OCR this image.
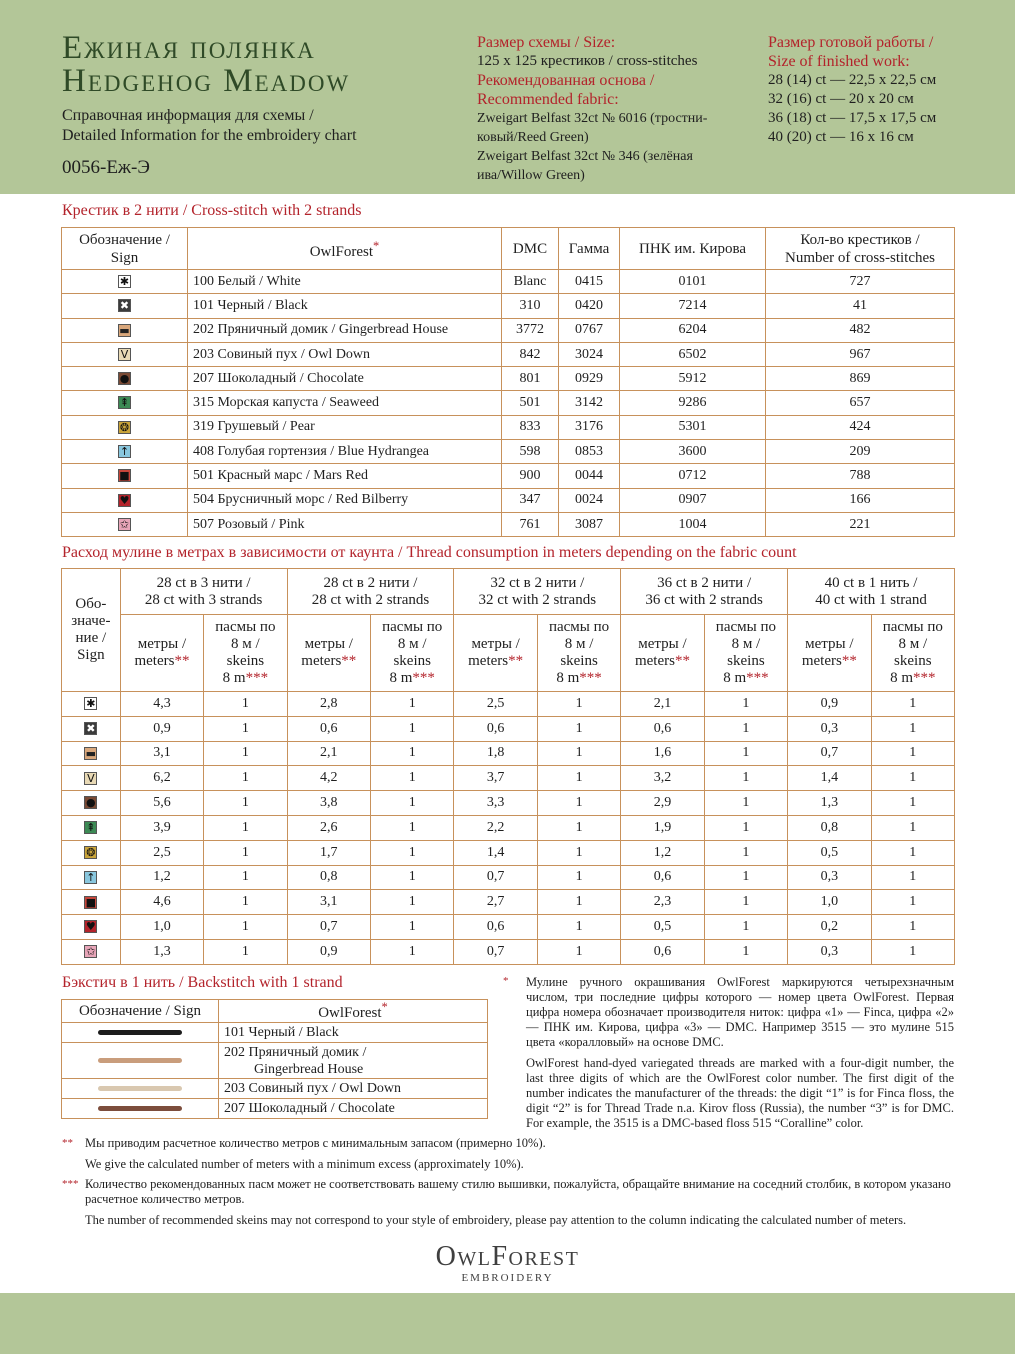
Ежиная полянка
Hedgehog Meadow
Справочная информация для схемы /
Detailed Information for the embroidery chart
0056-Еж-Э
Размер схемы / Size:
125 x 125 крестиков / cross-stitches
Рекомендованная основа /
Recommended fabric:
Zweigart Belfast 32ct № 6016 (тростни-
ковый/Reed Green)
Zweigart Belfast 32ct № 346 (зелёная
ива/Willow Green)
Размер готовой работы /
Size of finished work:
28 (14) ct — 22,5 x 22,5 см
32 (16) ct — 20 x 20 см
36 (18) ct — 17,5 x 17,5 см
40 (20) ct — 16 x 16 см
Крестик в 2 нити / Cross-stitch with 2 strands
Обозначение /
Sign	OwlForest*	DMC	Гамма	ПНК им. Кирова	Кол-во крестиков /
Number of cross-stitches
✱	100 Белый / White	Blanc	0415	0101	727
✖	101 Черный / Black	310	0420	7214	41
▬	202 Пряничный домик / Gingerbread House	3772	0767	6204	482
V	203 Совиный пух / Owl Down	842	3024	6502	967
●	207 Шоколадный / Chocolate	801	0929	5912	869
⇞	315 Морская капуста / Seaweed	501	3142	9286	657
❂	319 Грушевый / Pear	833	3176	5301	424
↑	408 Голубая гортензия / Blue Hydrangea	598	0853	3600	209
■	501 Красный марс / Mars Red	900	0044	0712	788
♥	504 Брусничный морс / Red Bilberry	347	0024	0907	166
✩	507 Розовый / Pink	761	3087	1004	221
Расход мулине в метрах в зависимости от каунта / Thread consumption in meters depending on the fabric count
Обо-
значе-
ние /
Sign	28 ct в 3 нити /
28 ct with 3 strands		28 ct в 2 нити /
28 ct with 2 strands		32 ct в 2 нити /
32 ct with 2 strands		36 ct в 2 нити /
36 ct with 2 strands		40 ct в 1 нить /
40 ct with 1 strand	
	метры /
meters**	пасмы по
8 м /
skeins
8 m***	метры /
meters**	пасмы по
8 м /
skeins
8 m***	метры /
meters**	пасмы по
8 м /
skeins
8 m***	метры /
meters**	пасмы по
8 м /
skeins
8 m***	метры /
meters**	пасмы по
8 м /
skeins
8 m***
✱	4,3	1	2,8	1	2,5	1	2,1	1	0,9	1
✖	0,9	1	0,6	1	0,6	1	0,6	1	0,3	1
▬	3,1	1	2,1	1	1,8	1	1,6	1	0,7	1
V	6,2	1	4,2	1	3,7	1	3,2	1	1,4	1
●	5,6	1	3,8	1	3,3	1	2,9	1	1,3	1
⇞	3,9	1	2,6	1	2,2	1	1,9	1	0,8	1
❂	2,5	1	1,7	1	1,4	1	1,2	1	0,5	1
↑	1,2	1	0,8	1	0,7	1	0,6	1	0,3	1
■	4,6	1	3,1	1	2,7	1	2,3	1	1,0	1
♥	1,0	1	0,7	1	0,6	1	0,5	1	0,2	1
✩	1,3	1	0,9	1	0,7	1	0,6	1	0,3	1
Бэкстич в 1 нить / Backstitch with 1 strand
Обозначение / Sign	OwlForest*
	101 Черный / Black
	202 Пряничный домик /
Gingerbread House
	203 Совиный пух / Owl Down
	207 Шоколадный / Chocolate
* Мулине ручного окрашивания OwlForest маркируются четырехзначным числом, три последние цифры которого — номер цвета OwlForest. Первая цифра номера обозначает производителя ниток: цифра «1» — Finca, цифра «2» — ПНК им. Кирова, цифра «3» — DMC. Например 3515 — это мулине 515 цвета «коралловый» на основе DMC.

OwlForest hand-dyed variegated threads are marked with a four-digit number, the last three digits of which are the OwlForest color number. The first digit of the number indicates the manufacturer of the threads: the digit “1” is for Finca floss, the digit “2” is for Thread Trade n.a. Kirov floss (Russia), the number “3” is for DMC. For example, the 3515 is a DMC-based floss 515 “Coralline” color.

** Мы приводим расчетное количество метров с минимальным запасом (примерно 10%).
We give the calculated number of meters with a minimum excess (approximately 10%).
*** Количество рекомендованных пасм может не соответствовать вашему стилю вышивки, пожалуйста, обращайте внимание на соседний столбик, в котором указано расчетное количество метров.
The number of recommended skeins may not correspond to your style of embroidery, please pay attention to the column indicating the calculated number of meters.
OwlForest
EMBROIDERY
